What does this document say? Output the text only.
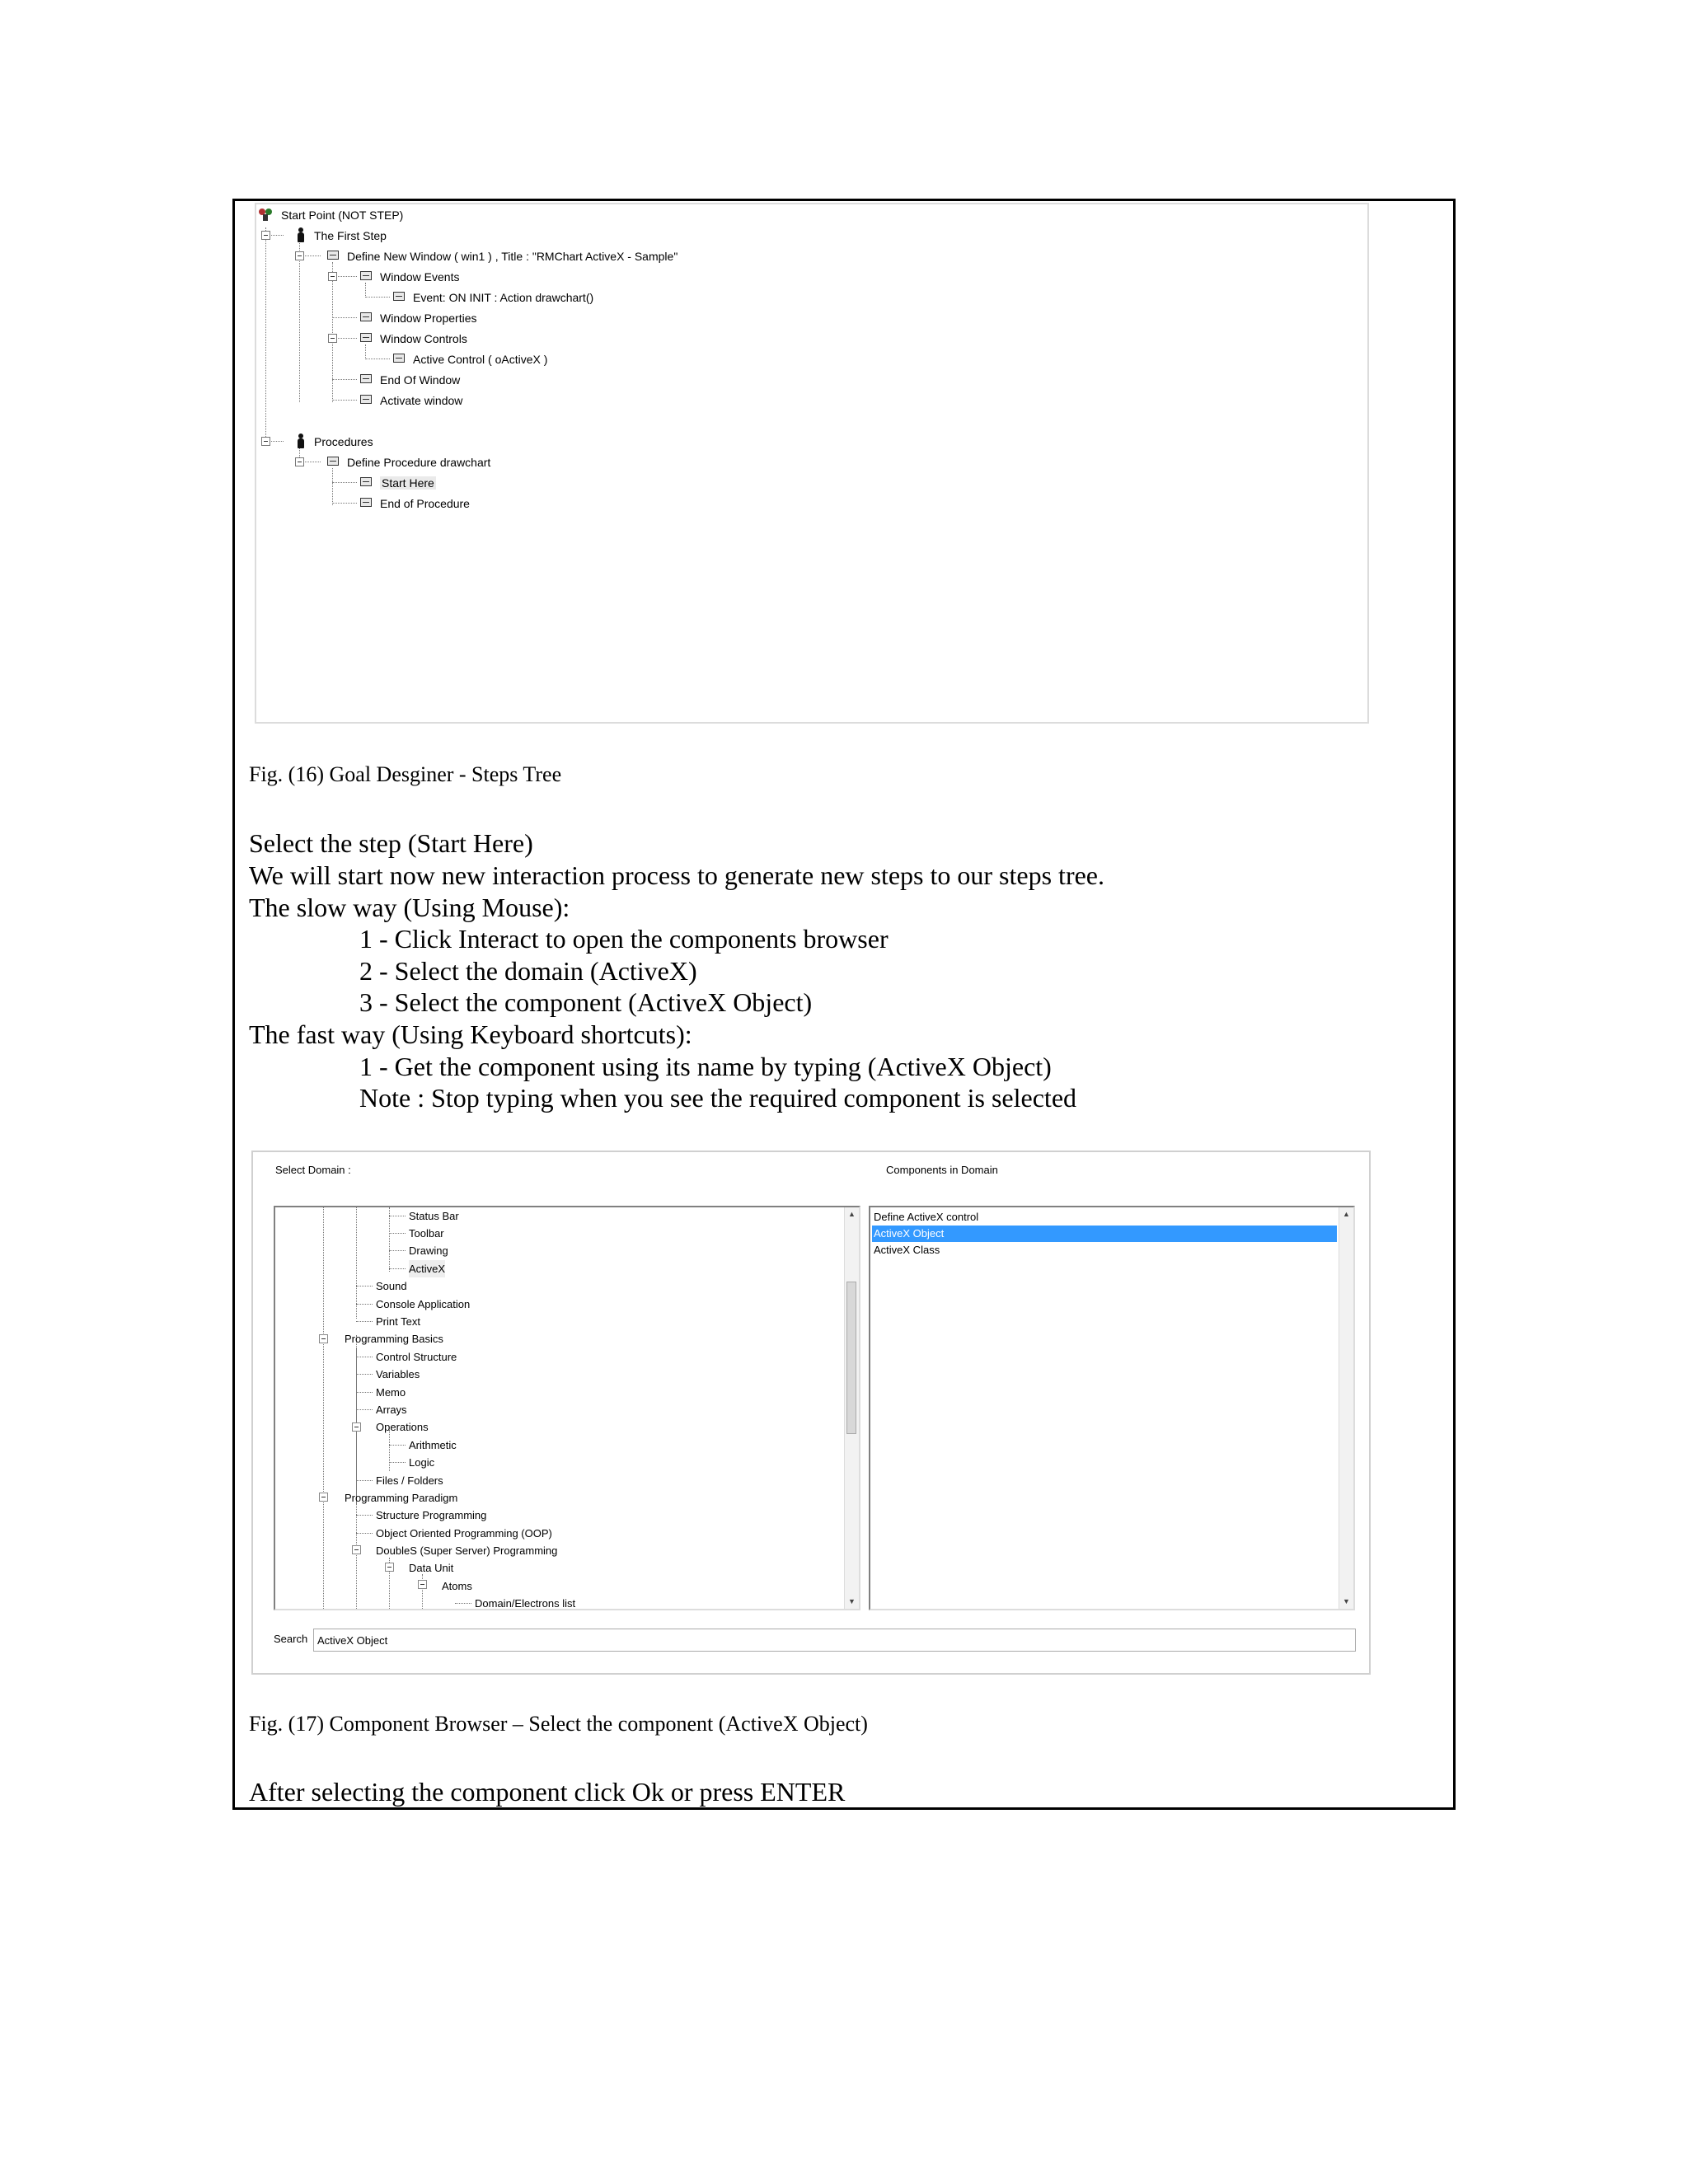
Start Point (NOT STEP)
The First Step
Define New Window ( win1 ) , Title : "RMChart ActiveX - Sample"
Window Events
Event: ON INIT : Action drawchart()
Window Properties
Window Controls
Active Control ( oActiveX )
End Of Window
Activate window
Procedures
Define Procedure drawchart
Start Here
End of Procedure
Fig. (16) Goal Desginer - Steps Tree
Select the step (Start Here)
We will start now new interaction process to generate new steps to our steps tree.
The slow way (Using Mouse):
1 - Click Interact to open the components browser
2 - Select the domain (ActiveX)
3 - Select the component (ActiveX Object)
The fast way (Using Keyboard shortcuts):
1 - Get the component using its name by typing (ActiveX Object)
Note : Stop typing when you see the required component is selected
Select Domain :	Components in Domain
Status Bar
Toolbar
Drawing
ActiveX
Sound
Console Application
Print Text
Programming Basics
Control Structure
Variables
Memo
Arrays
Operations
Arithmetic
Logic
Files / Folders
Programming Paradigm
Structure Programming
Object Oriented Programming (OOP)
DoubleS (Super Server) Programming
Data Unit
Atoms
Domain/Electrons list
▲
▼
Define ActiveX control
ActiveX Object
ActiveX Class
▲
▼
Search
ActiveX Object
Fig. (17) Component Browser – Select the component (ActiveX Object)
After selecting the component click Ok or press ENTER
